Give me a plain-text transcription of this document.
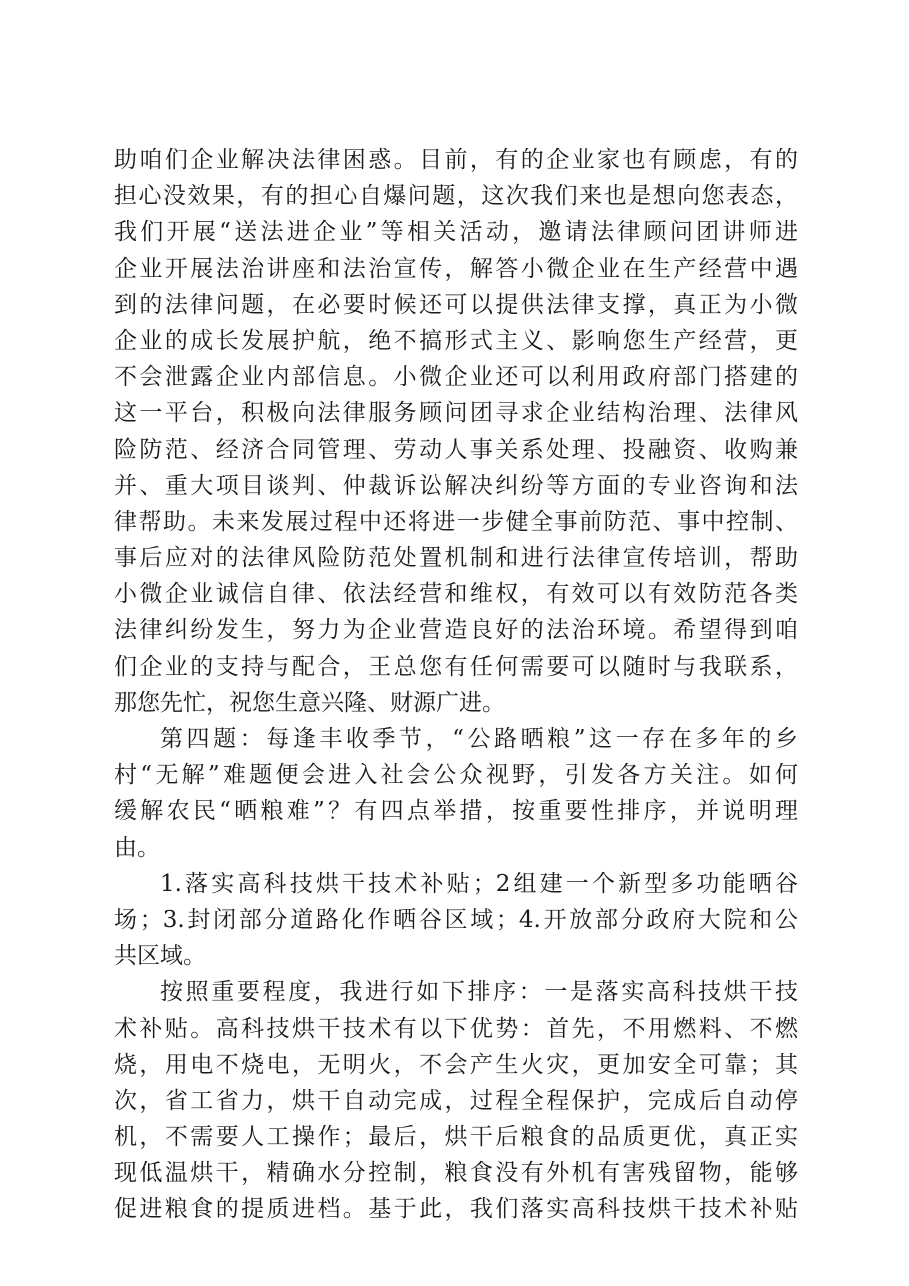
助咱们企业解决法律困惑。目前，有的企业家也有顾虑，有的
担心没效果，有的担心自爆问题，这次我们来也是想向您表态，
我们开展“送法进企业”等相关活动，邀请法律顾问团讲师进
企业开展法治讲座和法治宣传，解答小微企业在生产经营中遇
到的法律问题，在必要时候还可以提供法律支撑，真正为小微
企业的成长发展护航，绝不搞形式主义、影响您生产经营，更
不会泄露企业内部信息。小微企业还可以利用政府部门搭建的
这一平台，积极向法律服务顾问团寻求企业结构治理、法律风
险防范、经济合同管理、劳动人事关系处理、投融资、收购兼
并、重大项目谈判、仲裁诉讼解决纠纷等方面的专业咨询和法
律帮助。未来发展过程中还将进一步健全事前防范、事中控制、
事后应对的法律风险防范处置机制和进行法律宣传培训，帮助
小微企业诚信自律、依法经营和维权，有效可以有效防范各类
法律纠纷发生，努力为企业营造良好的法治环境。希望得到咱
们企业的支持与配合，王总您有任何需要可以随时与我联系，
那您先忙，祝您生意兴隆、财源广进。
第四题：每逢丰收季节，“公路晒粮”这一存在多年的乡
村“无解”难题便会进入社会公众视野，引发各方关注。如何
缓解农民“晒粮难”？有四点举措，按重要性排序，并说明理
由。
1.落实高科技烘干技术补贴；2组建一个新型多功能晒谷
场；3.封闭部分道路化作晒谷区域；4.开放部分政府大院和公
共区域。
按照重要程度，我进行如下排序：一是落实高科技烘干技
术补贴。高科技烘干技术有以下优势：首先，不用燃料、不燃
烧，用电不烧电，无明火，不会产生火灾，更加安全可靠；其
次，省工省力，烘干自动完成，过程全程保护，完成后自动停
机，不需要人工操作；最后，烘干后粮食的品质更优，真正实
现低温烘干，精确水分控制，粮食没有外机有害残留物，能够
促进粮食的提质进档。基于此，我们落实高科技烘干技术补贴
